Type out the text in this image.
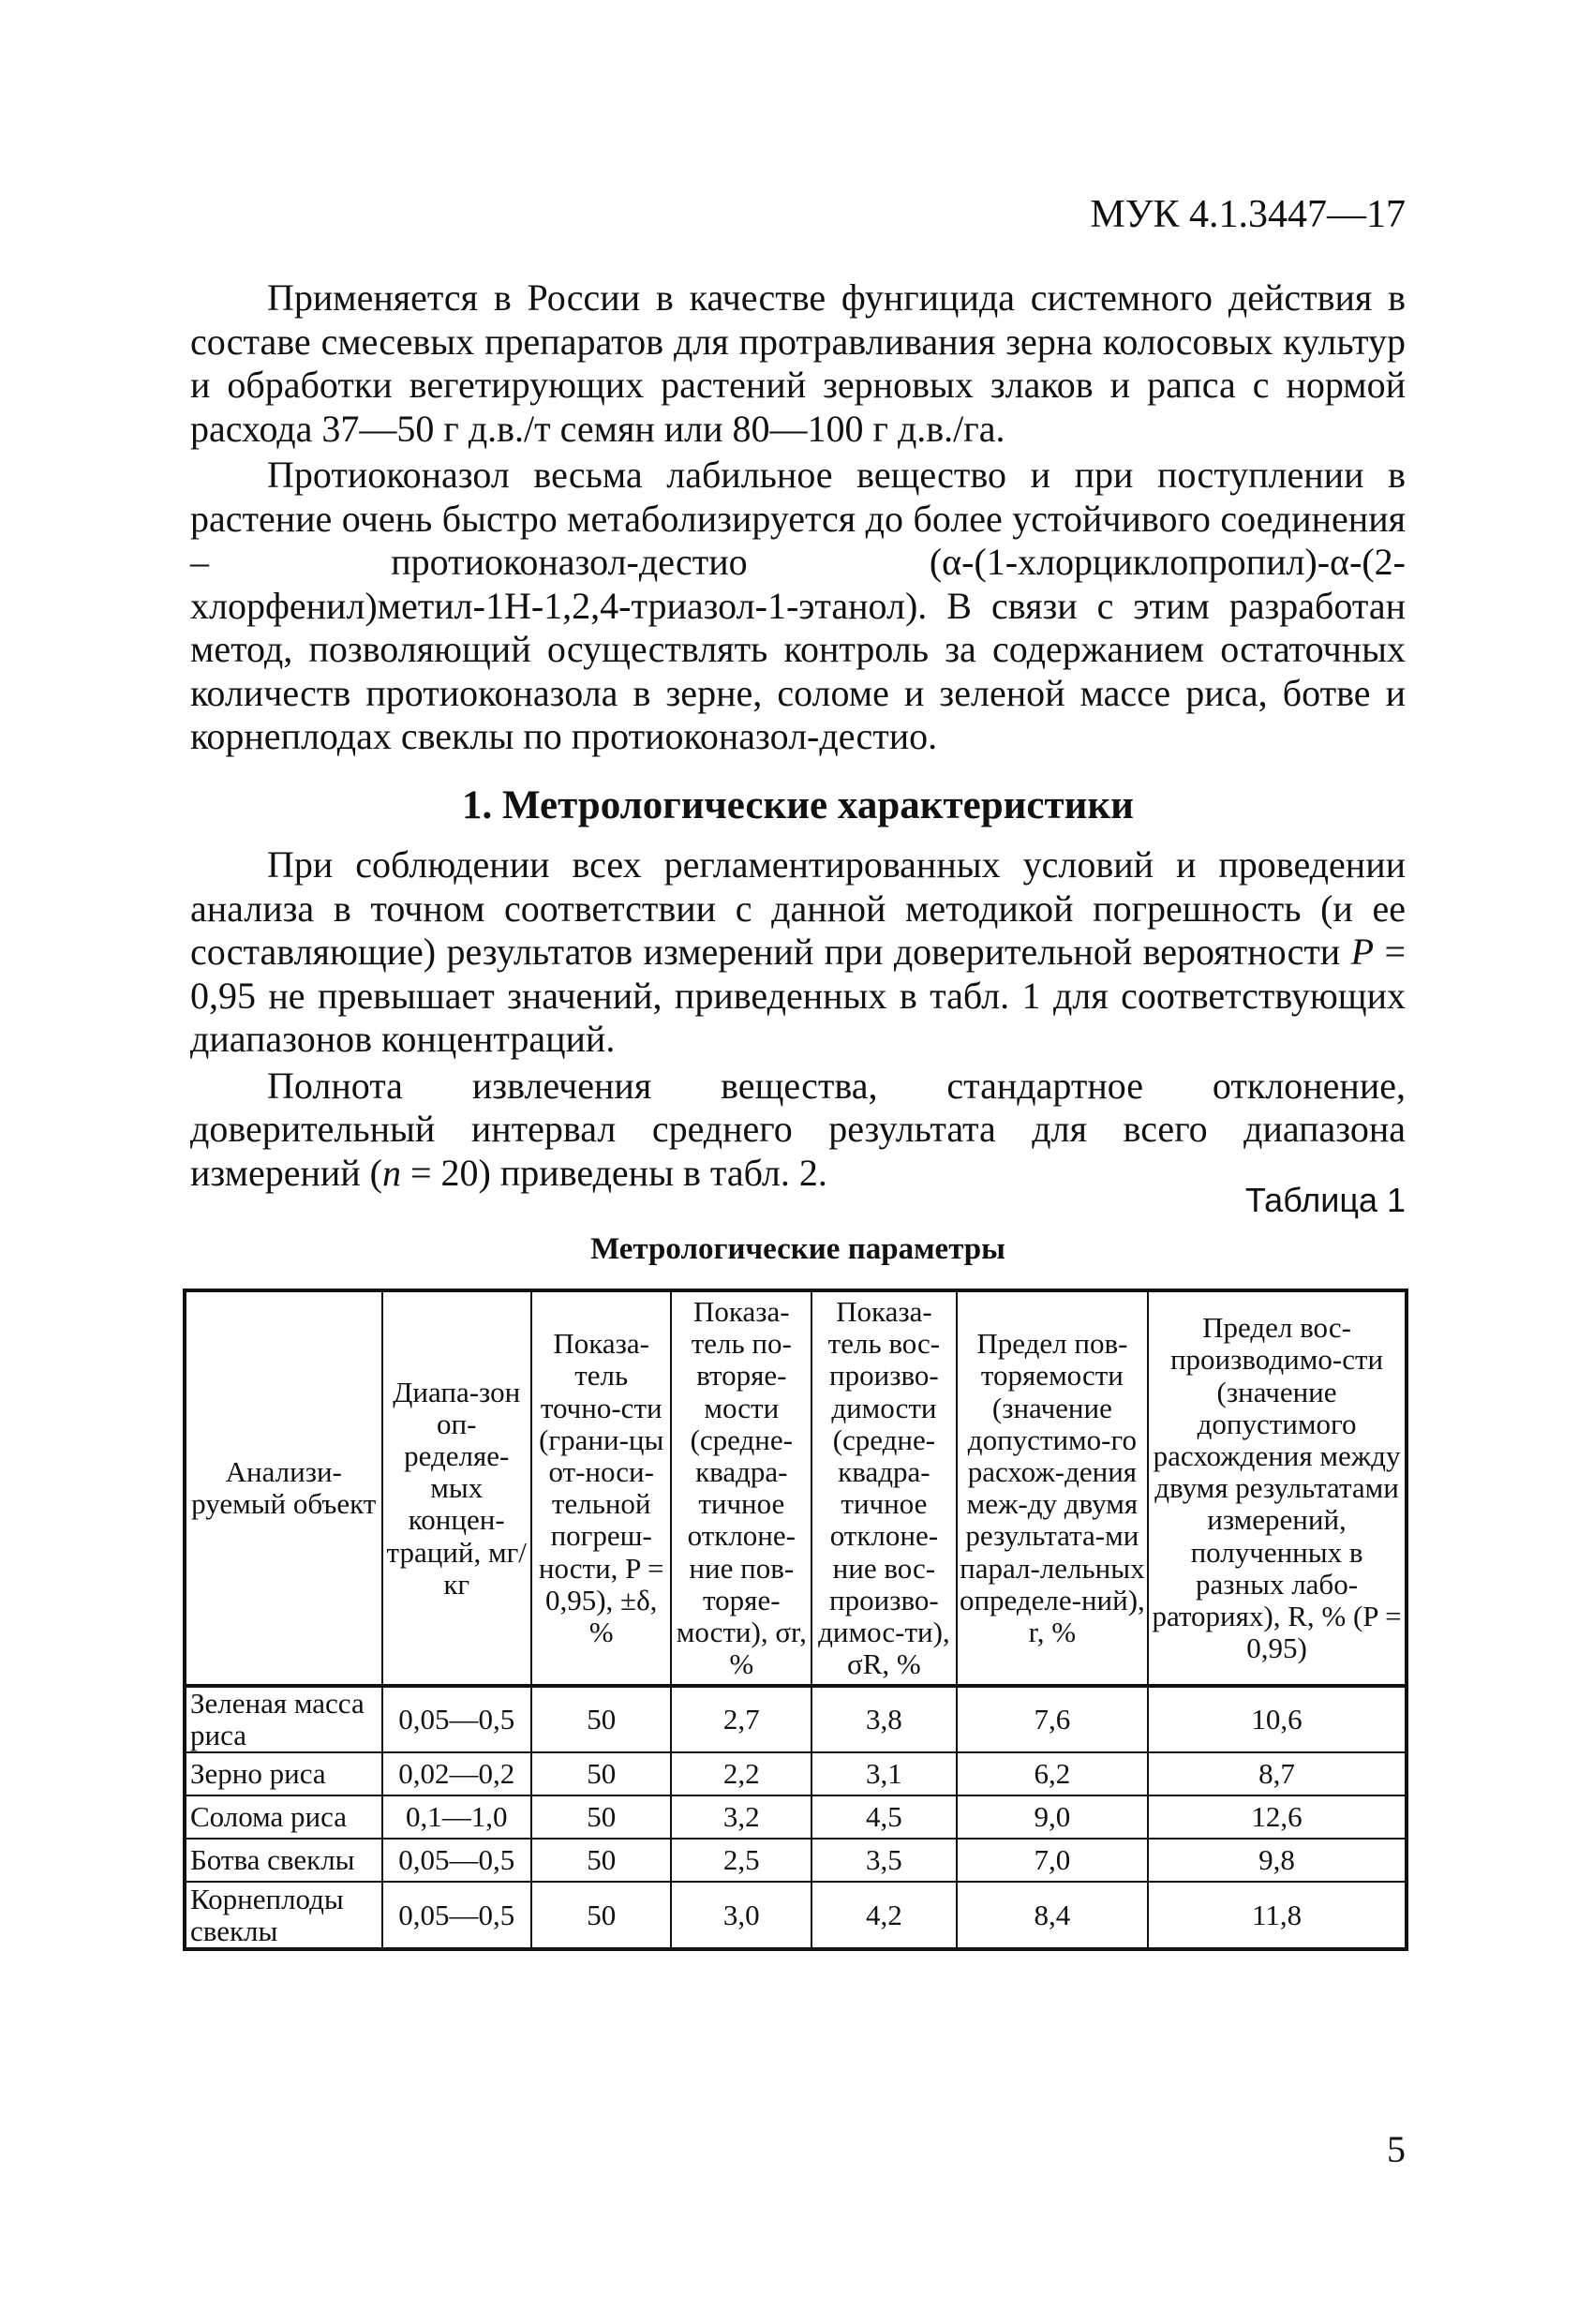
МУК 4.1.3447—17

Применяется в России в качестве фунгицида системного действия в составе смесевых препаратов для протравливания зерна колосовых культур и обработки вегетирующих растений зерновых злаков и рапса с нормой расхода 37—50 г д.в./т семян или 80—100 г д.в./га.

Протиоконазол весьма лабильное вещество и при поступлении в растение очень быстро метаболизируется до более устойчивого соединения – протиоконазол-дестио (α-(1-хлорциклопропил)-α-(2-хлорфенил)метил-1Н-1,2,4-триазол-1-этанол). В связи с этим разработан метод, позволяющий осуществлять контроль за содержанием остаточных количеств протиоконазола в зерне, соломе и зеленой массе риса, ботве и корнеплодах свеклы по протиоконазол-дестио.

1. Метрологические характеристики

При соблюдении всех регламентированных условий и проведении анализа в точном соответствии с данной методикой погрешность (и ее составляющие) результатов измерений при доверительной вероятности P = 0,95 не превышает значений, приведенных в табл. 1 для соответствующих диапазонов концентраций.

Полнота извлечения вещества, стандартное отклонение, доверительный интервал среднего результата для всего диапазона измерений (n = 20) приведены в табл. 2.

Таблица 1
Метрологические параметры
Анализи-руемый объект	Диапа-зон оп-ределяе-мых концен-траций, мг/кг	Показа-тель точно-сти (грани-цы от-носи-тельной погреш-ности, P = 0,95), ±δ, %	Показа-тель по-вторяе-мости (средне-квадра-тичное отклоне-ние пов-торяе-мости), σr, %	Показа-тель вос-произво-димости (средне-квадра-тичное отклоне-ние вос-произво-димос-ти), σR, %	Предел пов-торяемости (значение допустимо-го расхож-дения меж-ду двумя результата-ми парал-лельных определе-ний), r, %	Предел вос-производимо-сти (значение допустимого расхождения между двумя результатами измерений, полученных в разных лабо-раториях), R, % (P = 0,95)
Зеленая масса риса	0,05—0,5	50	2,7	3,8	7,6	10,6
Зерно риса	0,02—0,2	50	2,2	3,1	6,2	8,7
Солома риса	0,1—1,0	50	3,2	4,5	9,0	12,6
Ботва свеклы	0,05—0,5	50	2,5	3,5	7,0	9,8
Корнеплоды свеклы	0,05—0,5	50	3,0	4,2	8,4	11,8
5
